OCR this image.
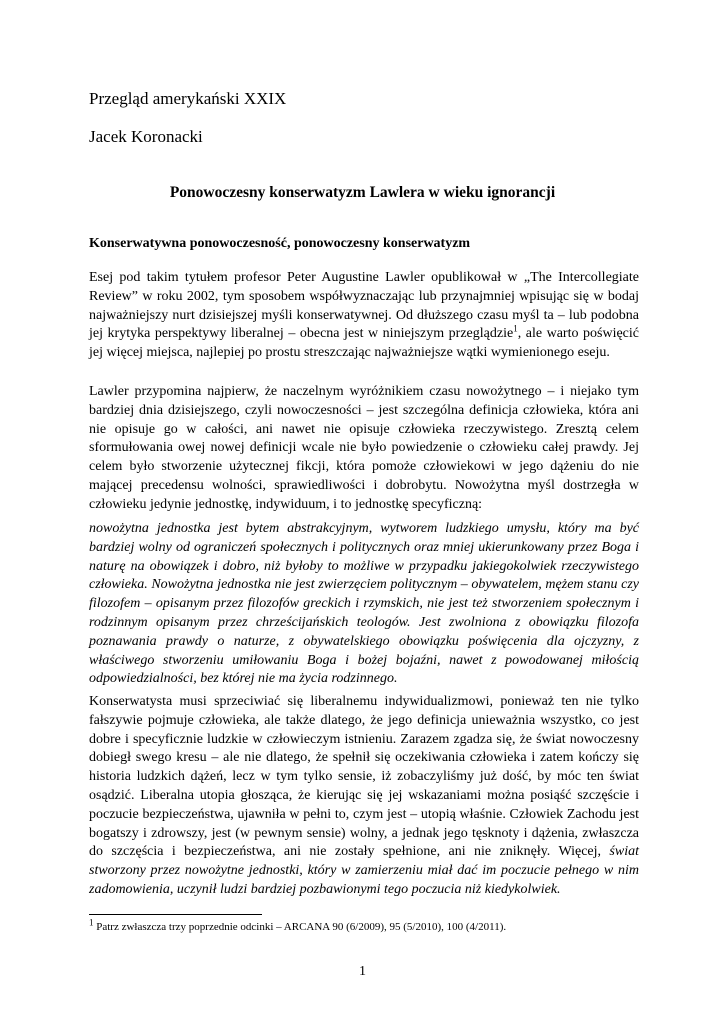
Przegląd amerykański XXIX
Jacek Koronacki
Ponowoczesny konserwatyzm Lawlera w wieku ignorancji
Konserwatywna ponowoczesność, ponowoczesny konserwatyzm

Esej pod takim tytułem profesor Peter Augustine Lawler opublikował w „The Intercollegiate Review” w roku 2002, tym sposobem współwyznaczając lub przynajmniej wpisując się w bodaj najważniejszy nurt dzisiejszej myśli konserwatywnej. Od dłuższego czasu myśl ta – lub podobna jej krytyka perspektywy liberalnej – obecna jest w niniejszym przeglądzie$^1$, ale warto poświęcić jej więcej miejsca, najlepiej po prostu streszczając najważniejsze wątki wymienionego eseju.

Lawler przypomina najpierw, że naczelnym wyróżnikiem czasu nowożytnego – i niejako tym bardziej dnia dzisiejszego, czyli nowoczesności – jest szczególna definicja człowieka, która ani nie opisuje go w całości, ani nawet nie opisuje człowieka rzeczywistego. Zresztą celem sformułowania owej nowej definicji wcale nie było powiedzenie o człowieku całej prawdy. Jej celem było stworzenie użytecznej fikcji, która pomoże człowiekowi w jego dążeniu do nie mającej precedensu wolności, sprawiedliwości i dobrobytu. Nowożytna myśl dostrzegła w człowieku jedynie jednostkę, indywiduum, i to jednostkę specyficzną:

nowożytna jednostka jest bytem abstrakcyjnym, wytworem ludzkiego umysłu, który ma być bardziej wolny od ograniczeń społecznych i politycznych oraz mniej ukierunkowany przez Boga i naturę na obowiązek i dobro, niż byłoby to możliwe w przypadku jakiegokolwiek rzeczywistego człowieka. Nowożytna jednostka nie jest zwierzęciem politycznym – obywatelem, mężem stanu czy filozofem – opisanym przez filozofów greckich i rzymskich, nie jest też stworzeniem społecznym i rodzinnym opisanym przez chrześcijańskich teologów. Jest zwolniona z obowiązku filozofa poznawania prawdy o naturze, z obywatelskiego obowiązku poświęcenia dla ojczyzny, z właściwego stworzeniu umiłowaniu Boga i bożej bojaźni, nawet z powodowanej miłością odpowiedzialności, bez której nie ma życia rodzinnego.

Konserwatysta musi sprzeciwiać się liberalnemu indywidualizmowi, ponieważ ten nie tylko fałszywie pojmuje człowieka, ale także dlatego, że jego definicja unieważnia wszystko, co jest dobre i specyficznie ludzkie w człowieczym istnieniu. Zarazem zgadza się, że świat nowoczesny dobiegł swego kresu – ale nie dlatego, że spełnił się oczekiwania człowieka i zatem kończy się historia ludzkich dążeń, lecz w tym tylko sensie, iż zobaczyliśmy już dość, by móc ten świat osądzić. Liberalna utopia głosząca, że kierując się jej wskazaniami można posiąść szczęście i poczucie bezpieczeństwa, ujawniła w pełni to, czym jest – utopią właśnie. Człowiek Zachodu jest bogatszy i zdrowszy, jest (w pewnym sensie) wolny, a jednak jego tęsknoty i dążenia, zwłaszcza do szczęścia i bezpieczeństwa, ani nie zostały spełnione, ani nie zniknęły. Więcej, świat stworzony przez nowożytne jednostki, który w zamierzeniu miał dać im poczucie pełnego w nim zadomowienia, uczynił ludzi bardziej pozbawionymi tego poczucia niż kiedykolwiek.

$^1$ Patrz zwłaszcza trzy poprzednie odcinki – ARCANA 90 (6/2009), 95 (5/2010), 100 (4/2011).
1
